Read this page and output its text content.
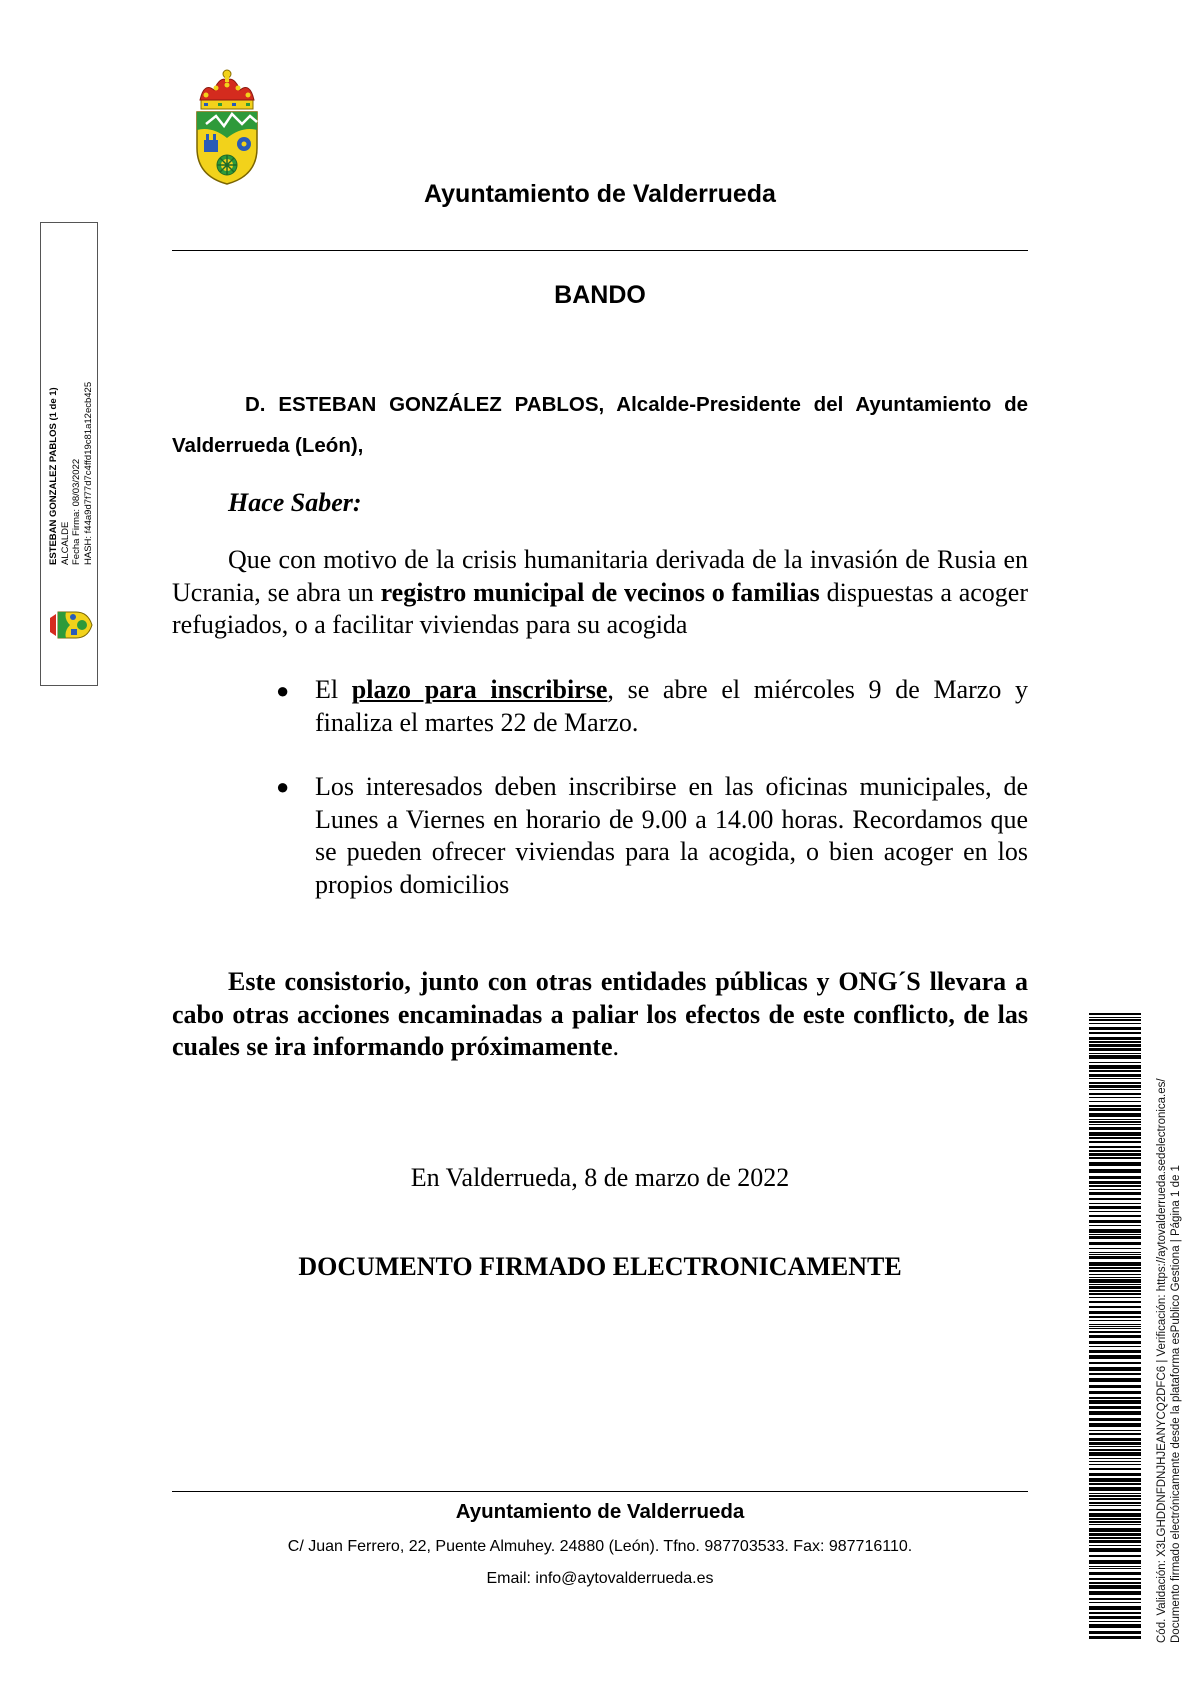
Ayuntamiento de Valderrueda
BANDO

D. ESTEBAN GONZÁLEZ PABLOS, Alcalde-Presidente del Ayuntamiento de Valderrueda (León),

Hace Saber:

Que con motivo de la crisis humanitaria derivada de la invasión de Rusia en Ucrania, se abra un registro municipal de vecinos o familias dispuestas a acoger refugiados, o a facilitar viviendas para su acogida

● El plazo para inscribirse, se abre el miércoles 9 de Marzo y finaliza el martes 22 de Marzo.

● Los interesados deben inscribirse en las oficinas municipales, de Lunes a Viernes en horario de 9.00 a 14.00 horas. Recordamos que se pueden ofrecer viviendas para la acogida, o bien acoger en los propios domicilios

Este consistorio, junto con otras entidades públicas y ONG´S llevara a cabo otras acciones encaminadas a paliar los efectos de este conflicto, de las cuales se ira informando próximamente.

En Valderrueda, 8 de marzo de 2022
DOCUMENTO FIRMADO ELECTRONICAMENTE
Ayuntamiento de Valderrueda
C/ Juan Ferrero, 22, Puente Almuhey. 24880 (León). Tfno. 987703533. Fax: 987716110.
Email: info@aytovalderrueda.es
ESTEBAN GONZALEZ PABLOS (1 de 1) ALCALDE Fecha Firma: 08/03/2022 HASH: f44a9d7f77d7c4ffd19c81a12ecb425
Cód. Validación: X3LGHDDNFDNJHJEANYCQ2DFC6 | Verificación: https://aytovalderrueda.sedelectronica.es/ Documento firmado electrónicamente desde la plataforma esPublico Gestiona | Página 1 de 1
